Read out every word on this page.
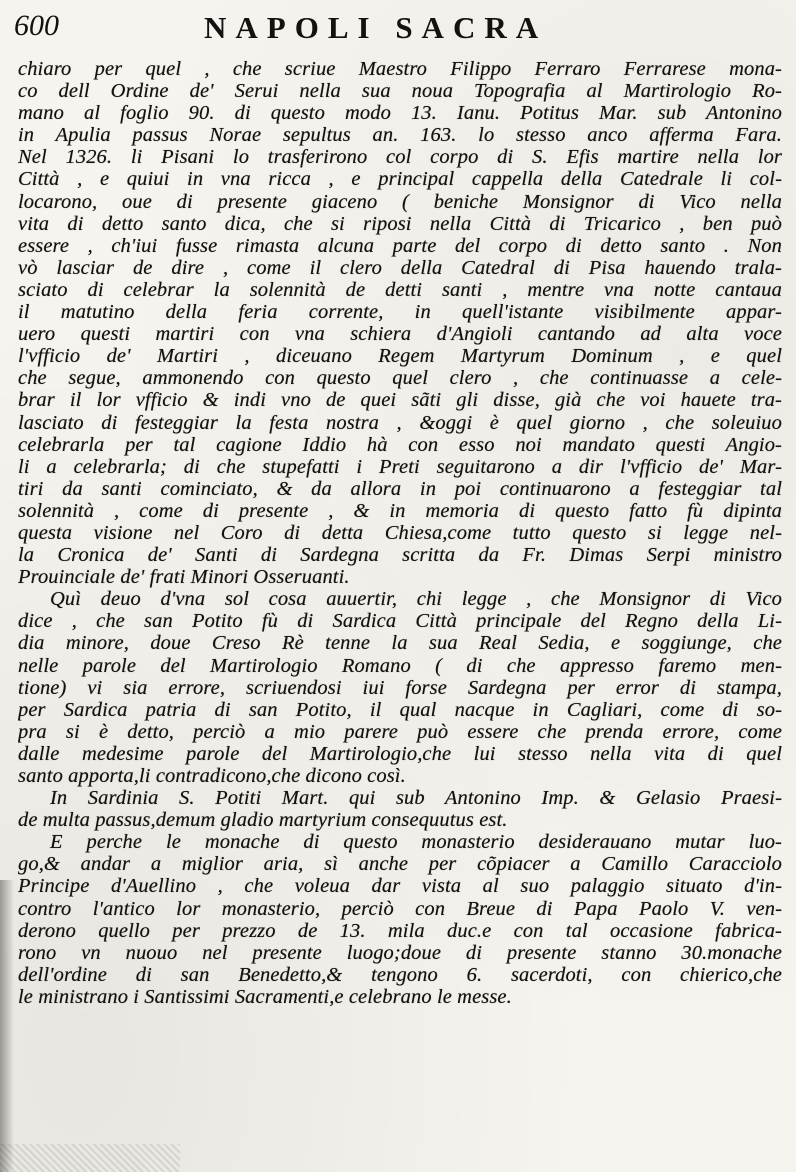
600	NAPOLI SACRA
chiaro per quel , che scriue Maestro Filippo Ferraro Ferrarese mona-
co dell Ordine de' Serui nella sua noua Topografia al Martirologio Ro-
mano al foglio 90. di questo modo 13. Ianu. Potitus Mar. sub Antonino
in Apulia passus Norae sepultus an. 163. lo stesso anco afferma Fara.
Nel 1326. li Pisani lo trasferirono col corpo di S. Efis martire nella lor
Città , e quiui in vna ricca , e principal cappella della Catedrale li col-
locarono, oue di presente giaceno ( beniche Monsignor di Vico nella
vita di detto santo dica, che si riposi nella Città di Tricarico , ben può
essere , ch'iui fusse rimasta alcuna parte del corpo di detto santo . Non
vò lasciar de dire , come il clero della Catedral di Pisa hauendo trala-
sciato di celebrar la solennità de detti santi , mentre vna notte cantaua
il matutino della feria corrente, in quell'istante visibilmente appar-
uero questi martiri con vna schiera d'Angioli cantando ad alta voce
l'vfficio de' Martiri , diceuano Regem Martyrum Dominum , e quel
che segue, ammonendo con questo quel clero , che continuasse a cele-
brar il lor vfficio & indi vno de quei sãti gli disse, già che voi hauete tra-
lasciato di festeggiar la festa nostra , &oggi è quel giorno , che soleuiuo
celebrarla per tal cagione Iddio hà con esso noi mandato questi Angio-
li a celebrarla; di che stupefatti i Preti seguitarono a dir l'vfficio de' Mar-
tiri da santi cominciato, & da allora in poi continuarono a festeggiar tal
solennità , come di presente , & in memoria di questo fatto fù dipinta
questa visione nel Coro di detta Chiesa,come tutto questo si legge nel-
la Cronica de' Santi di Sardegna scritta da Fr. Dimas Serpi ministro
Prouinciale de' frati Minori Osseruanti.
Quì deuo d'vna sol cosa auuertir, chi legge , che Monsignor di Vico
dice , che san Potito fù di Sardica Città principale del Regno della Li-
dia minore, doue Creso Rè tenne la sua Real Sedia, e soggiunge, che
nelle parole del Martirologio Romano ( di che appresso faremo men-
tione) vi sia errore, scriuendosi iui forse Sardegna per error di stampa,
per Sardica patria di san Potito, il qual nacque in Cagliari, come di so-
pra si è detto, perciò a mio parere può essere che prenda errore, come
dalle medesime parole del Martirologio,che lui stesso nella vita di quel
santo apporta,li contradicono,che dicono così.
In Sardinia S. Potiti Mart. qui sub Antonino Imp. & Gelasio Praesi-
de multa passus,demum gladio martyrium consequutus est.
E perche le monache di questo monasterio desiderauano mutar luo-
go,& andar a miglior aria, sì anche per cõpiacer a Camillo Caracciolo
Principe d'Auellino , che voleua dar vista al suo palaggio situato d'in-
contro l'antico lor monasterio, perciò con Breue di Papa Paolo V. ven-
derono quello per prezzo de 13. mila duc.e con tal occasione fabrica-
rono vn nuouo nel presente luogo;doue di presente stanno 30.monache
dell'ordine di san Benedetto,& tengono 6. sacerdoti, con chierico,che
le ministrano i Santissimi Sacramenti,e celebrano le messe.
